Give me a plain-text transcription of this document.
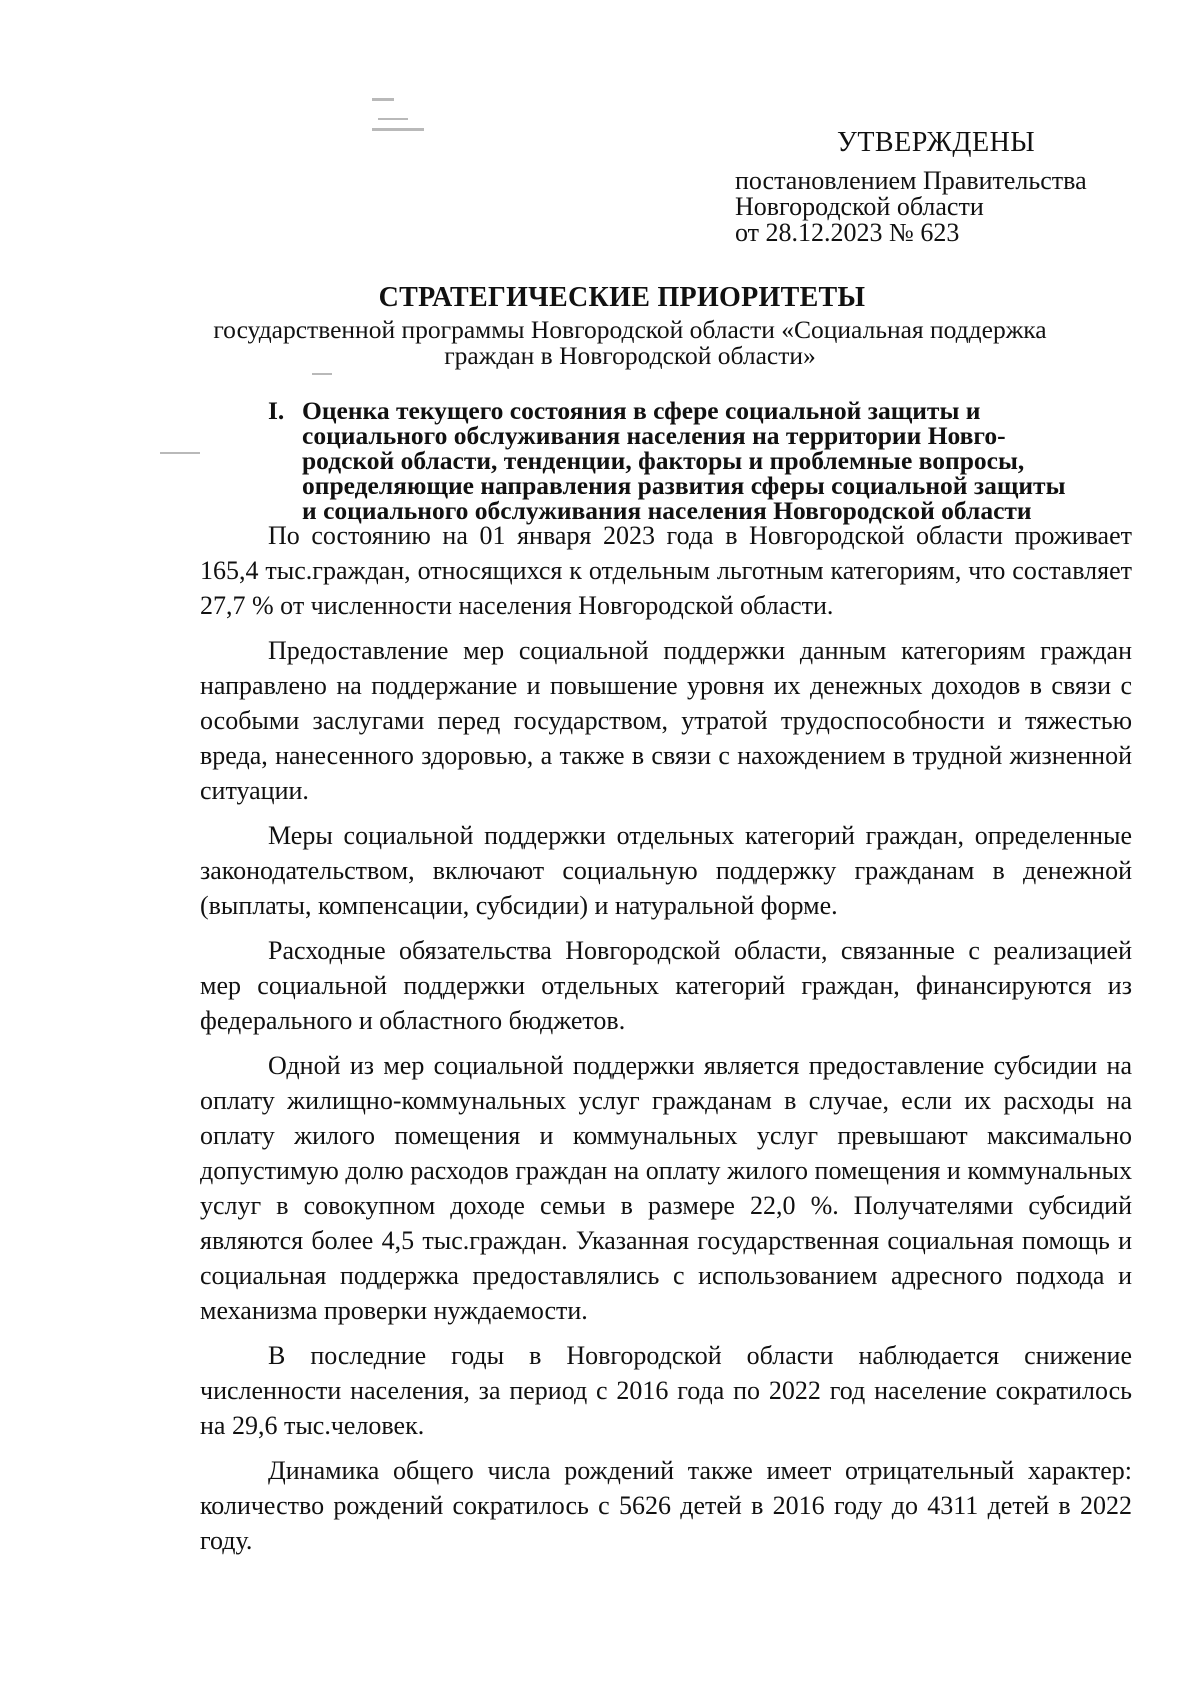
УТВЕРЖДЕНЫ
постановлением Правительства
Новгородской области
от 28.12.2023 № 623
СТРАТЕГИЧЕСКИЕ ПРИОРИТЕТЫ
государственной программы Новгородской области «Социальная поддержка
граждан в Новгородской области»
I. Оценка текущего состояния в сфере социальной защиты и
социального обслуживания населения на территории Новго-
родской области, тенденции, факторы и проблемные вопросы,
определяющие направления развития сферы социальной защиты
и социального обслуживания населения Новгородской области

По состоянию на 01 января 2023 года в Новгородской области проживает 165,4 тыс.граждан, относящихся к отдельным льготным категориям, что составляет 27,7 % от численности населения Новгородской области.

Предоставление мер социальной поддержки данным категориям граждан направлено на поддержание и повышение уровня их денежных доходов в связи с особыми заслугами перед государством, утратой трудоспособности и тяжестью вреда, нанесенного здоровью, а также в связи с нахождением в трудной жизненной ситуации.

Меры социальной поддержки отдельных категорий граждан, определенные законодательством, включают социальную поддержку гражданам в денежной (выплаты, компенсации, субсидии) и натуральной форме.

Расходные обязательства Новгородской области, связанные с реализацией мер социальной поддержки отдельных категорий граждан, финансируются из федерального и областного бюджетов.

Одной из мер социальной поддержки является предоставление субсидии на оплату жилищно-коммунальных услуг гражданам в случае, если их расходы на оплату жилого помещения и коммунальных услуг превышают максимально допустимую долю расходов граждан на оплату жилого помещения и коммунальных услуг в совокупном доходе семьи в размере 22,0 %. Получателями субсидий являются более 4,5 тыс.граждан. Указанная государственная социальная помощь и социальная поддержка предоставлялись с использованием адресного подхода и механизма проверки нуждаемости.

В последние годы в Новгородской области наблюдается снижение численности населения, за период с 2016 года по 2022 год население сократилось на 29,6 тыс.человек.

Динамика общего числа рождений также имеет отрицательный характер: количество рождений сократилось с 5626 детей в 2016 году до 4311 детей в 2022 году.
